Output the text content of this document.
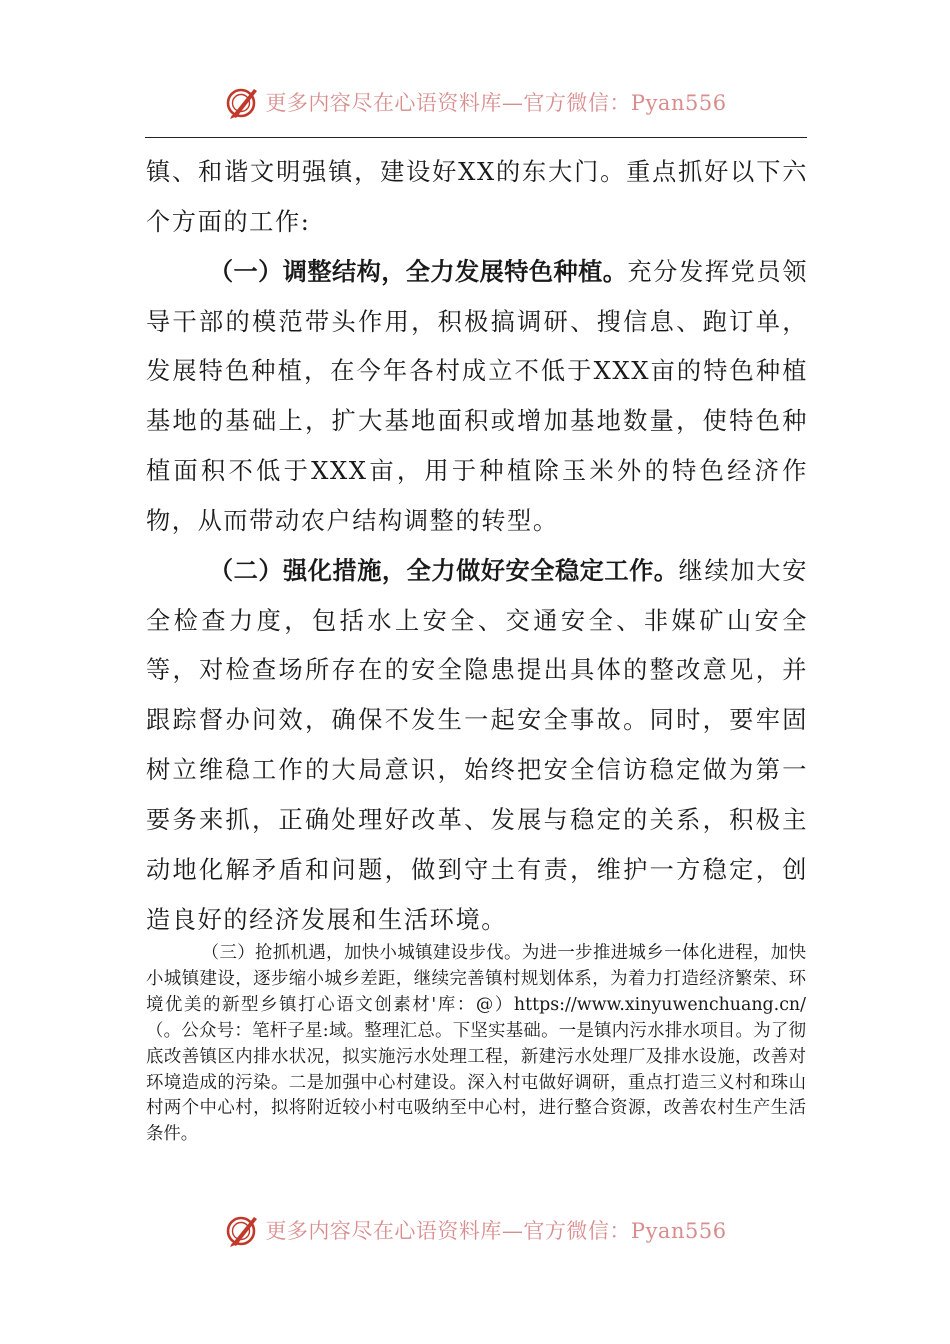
更多内容尽在心语资料库—官方微信：Pyan556

镇、和谐文明强镇，建设好XX的东大门。重点抓好以下六个方面的工作:

（一）调整结构，全力发展特色种植。充分发挥党员领导干部的模范带头作用，积极搞调研、搜信息、跑订单，发展特色种植，在今年各村成立不低于XXX亩的特色种植基地的基础上，扩大基地面积或增加基地数量，使特色种植面积不低于XXX亩，用于种植除玉米外的特色经济作物，从而带动农户结构调整的转型。

（二）强化措施，全力做好安全稳定工作。继续加大安全检查力度，包括水上安全、交通安全、非媒矿山安全等，对检查场所存在的安全隐患提出具体的整改意见，并跟踪督办问效，确保不发生一起安全事故。同时，要牢固树立维稳工作的大局意识，始终把安全信访稳定做为第一要务来抓，正确处理好改革、发展与稳定的关系，积极主动地化解矛盾和问题，做到守土有责，维护一方稳定，创造良好的经济发展和生活环境。

（三）抢抓机遇，加快小城镇建设步伐。为进一步推进城乡一体化进程，加快小城镇建设，逐步缩小城乡差距，继续完善镇村规划体系，为着力打造经济繁荣、环境优美的新型乡镇打心语文创素材'库：@）https://www.xinyuwenchuang.cn/（。公众号：笔杆子星:域。整理汇总。下坚实基础。一是镇内污水排水项目。为了彻底改善镇区内排水状况，拟实施污水处理工程，新建污水处理厂及排水设施，改善对环境造成的污染。二是加强中心村建设。深入村屯做好调研，重点打造三义村和珠山村两个中心村，拟将附近较小村屯吸纳至中心村，进行整合资源，改善农村生产生活条件。

更多内容尽在心语资料库—官方微信：Pyan556
